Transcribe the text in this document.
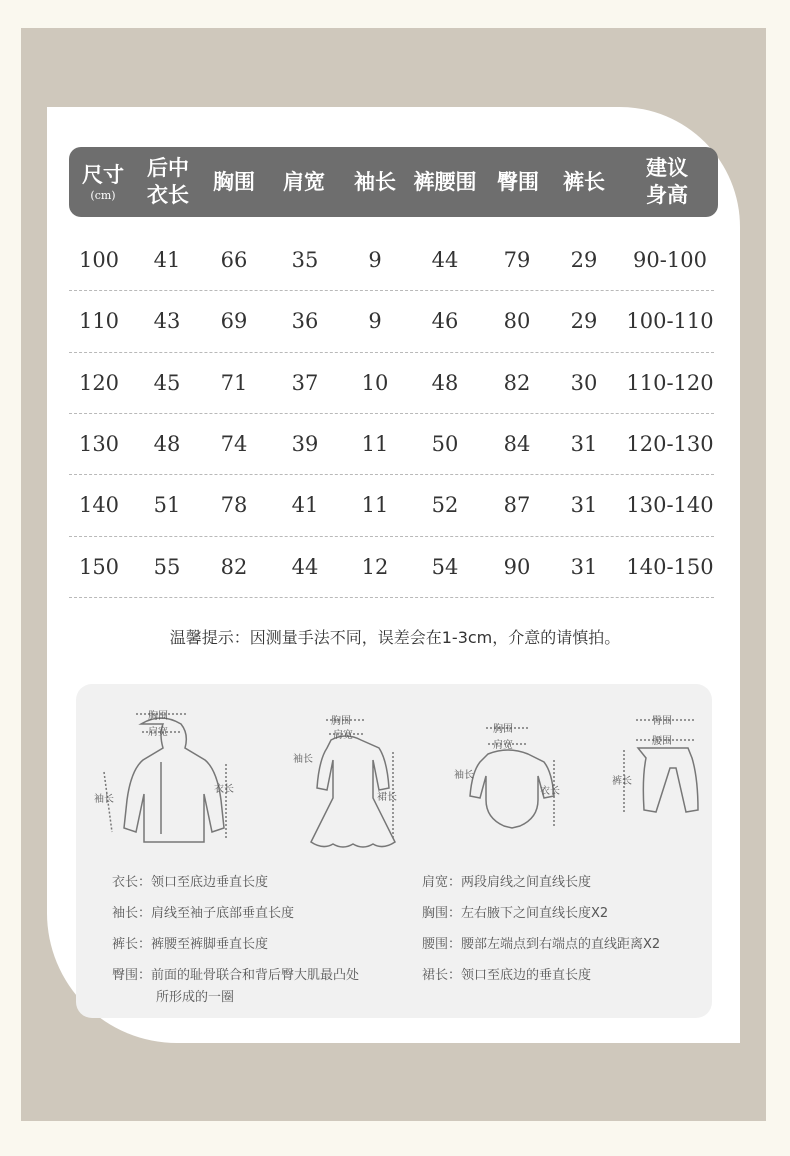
尺寸
(cm)
后中
衣长
胸围 肩宽 袖长 裤腰围 臀围 裤长
建议
身高
100 41 66 35 9 44 79 29 90-100
110 43 69 36 9 46 80 29 100-110
120 45 71 37 10 48 82 30 110-120
130 48 74 39 11 50 84 31 120-130
140 51 78 41 11 52 87 31 130-140
150 55 82 44 12 54 90 31 140-150
温馨提示：因测量手法不同，误差会在1-3cm，介意的请慎拍。
胸围
肩宽
袖长
衣长
胸围
肩宽
袖长
裙长
胸围
肩宽
袖长
衣长
臀围
腰围
裤长
衣长：领口至底边垂直长度
袖长：肩线至袖子底部垂直长度
裤长：裤腰至裤脚垂直长度
臀围：前面的耻骨联合和背后臀大肌最凸处
所形成的一圈
肩宽：两段肩线之间直线长度
胸围：左右腋下之间直线长度X2
腰围：腰部左端点到右端点的直线距离X2
裙长：领口至底边的垂直长度
